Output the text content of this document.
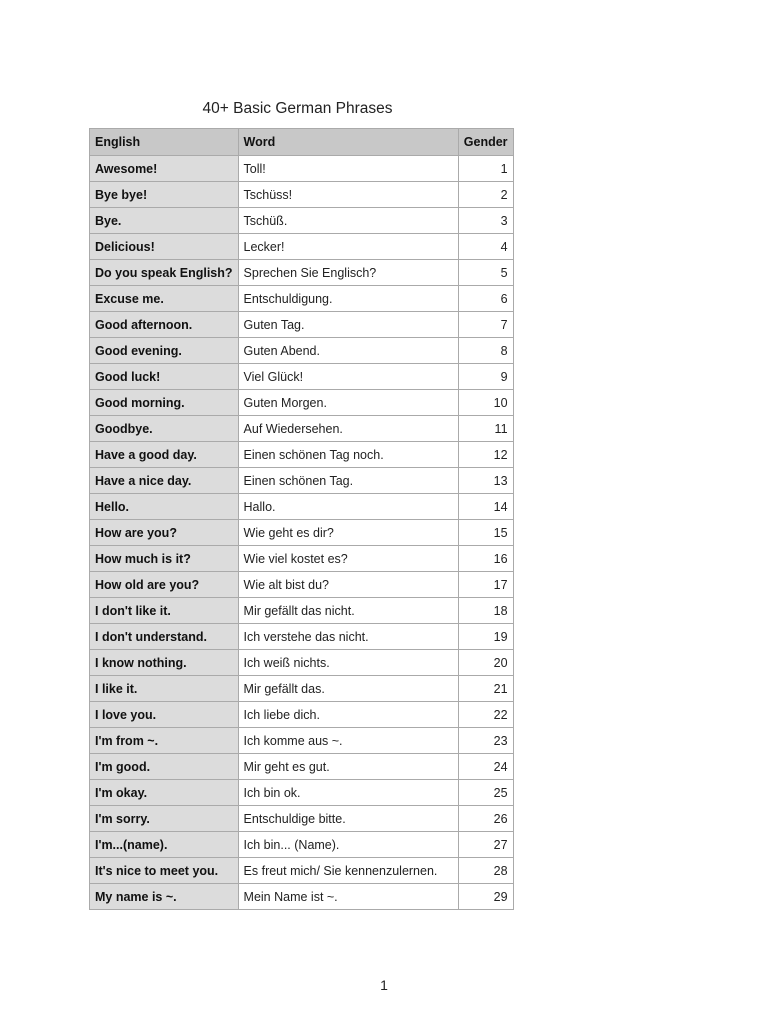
40+ Basic German Phrases
English	Word	Gender
Awesome!	Toll!	1
Bye bye!	Tschüss!	2
Bye.	Tschüß.	3
Delicious!	Lecker!	4
Do you speak English?	Sprechen Sie Englisch?	5
Excuse me.	Entschuldigung.	6
Good afternoon.	Guten Tag.	7
Good evening.	Guten Abend.	8
Good luck!	Viel Glück!	9
Good morning.	Guten Morgen.	10
Goodbye.	Auf Wiedersehen.	11
Have a good day.	Einen schönen Tag noch.	12
Have a nice day.	Einen schönen Tag.	13
Hello.	Hallo.	14
How are you?	Wie geht es dir?	15
How much is it?	Wie viel kostet es?	16
How old are you?	Wie alt bist du?	17
I don't like it.	Mir gefällt das nicht.	18
I don't understand.	Ich verstehe das nicht.	19
I know nothing.	Ich weiß nichts.	20
I like it.	Mir gefällt das.	21
I love you.	Ich liebe dich.	22
I'm from ~.	Ich komme aus ~.	23
I'm good.	Mir geht es gut.	24
I'm okay.	Ich bin ok.	25
I'm sorry.	Entschuldige bitte.	26
I'm...(name).	Ich bin... (Name).	27
It's nice to meet you.	Es freut mich/ Sie kennenzulernen.	28
My name is ~.	Mein Name ist ~.	29
1
